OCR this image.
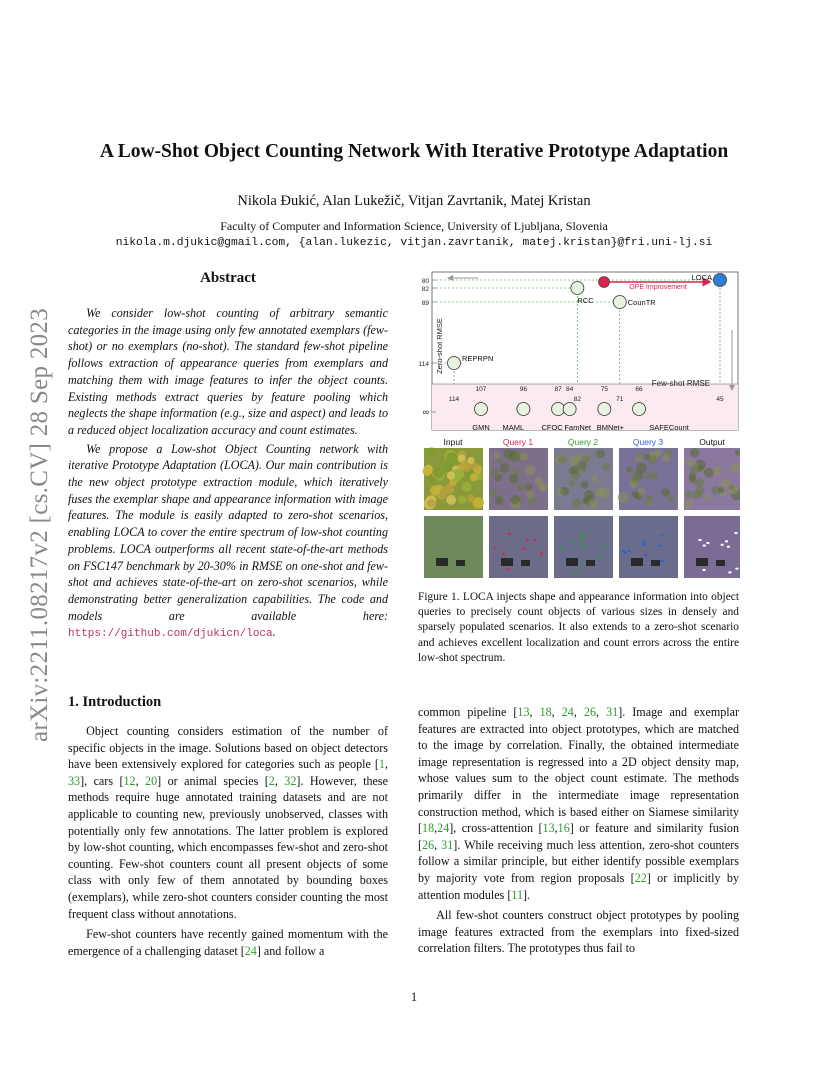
arXiv:2211.08217v2 [cs.CV] 28 Sep 2023
A Low-Shot Object Counting Network With Iterative Prototype Adaptation
Nikola Đukić, Alan Lukežič, Vitjan Zavrtanik, Matej Kristan
Faculty of Computer and Information Science, University of Ljubljana, Slovenia
nikola.m.djukic@gmail.com, {alan.lukezic, vitjan.zavrtanik, matej.kristan}@fri.uni-lj.si
Abstract

We consider low-shot counting of arbitrary semantic categories in the image using only few annotated exemplars (few-shot) or no exemplars (no-shot). The standard few-shot pipeline follows extraction of appearance queries from exemplars and matching them with image features to infer the object counts. Existing methods extract queries by feature pooling which neglects the shape information (e.g., size and aspect) and leads to a reduced object localization accuracy and count estimates.

We propose a Low-shot Object Counting network with iterative Prototype Adaptation (LOCA). Our main contribution is the new object prototype extraction module, which iteratively fuses the exemplar shape and appearance information with image features. The module is easily adapted to zero-shot scenarios, enabling LOCA to cover the entire spectrum of low-shot counting problems. LOCA outperforms all recent state-of-the-art methods on FSC147 benchmark by 20-30% in RMSE on one-shot and few-shot and achieves state-of-the-art on zero-shot scenarios, while demonstrating better generalization capabilities. The code and models are available here: https://github.com/djukicn/loca.

OPE Improvement
Zero-shot RMSE
Few-shot RMSE
80
82
89
114
∞
107	96	87 84	75	66
114	82	71	45
LOCA
RCC	CounTR
REPRPN
GMN MAML CFOC FamNet BMNet+	SAFECount
Input	Query 1	Query 2	Query 3	Output
Figure 1. LOCA injects shape and appearance information into object queries to precisely count objects of various sizes in densely and sparsely populated scenarios. It also extends to a zero-shot scenario and achieves excellent localization and count errors across the entire low-shot spectrum.
1. Introduction

Object counting considers estimation of the number of specific objects in the image. Solutions based on object detectors have been extensively explored for categories such as people [1, 33], cars [12, 20] or animal species [2, 32]. However, these methods require huge annotated training datasets and are not applicable to counting new, previously unobserved, classes with potentially only few annotations. The latter problem is explored by low-shot counting, which encompasses few-shot and zero-shot counting. Few-shot counters count all present objects of some class with only few of them annotated by bounding boxes (exemplars), while zero-shot counters consider counting the most frequent class without annotations.

Few-shot counters have recently gained momentum with the emergence of a challenging dataset [24] and follow a

common pipeline [13, 18, 24, 26, 31]. Image and exemplar features are extracted into object prototypes, which are matched to the image by correlation. Finally, the obtained intermediate image representation is regressed into a 2D object density map, whose values sum to the object count estimate. The methods primarily differ in the intermediate image representation construction method, which is based either on Siamese similarity [18,24], cross-attention [13,16] or feature and similarity fusion [26, 31]. While receiving much less attention, zero-shot counters follow a similar principle, but either identify possible exemplars by majority vote from region proposals [22] or implicitly by attention modules [11].

All few-shot counters construct object prototypes by pooling image features extracted from the exemplars into fixed-sized correlation filters. The prototypes thus fail to

1
